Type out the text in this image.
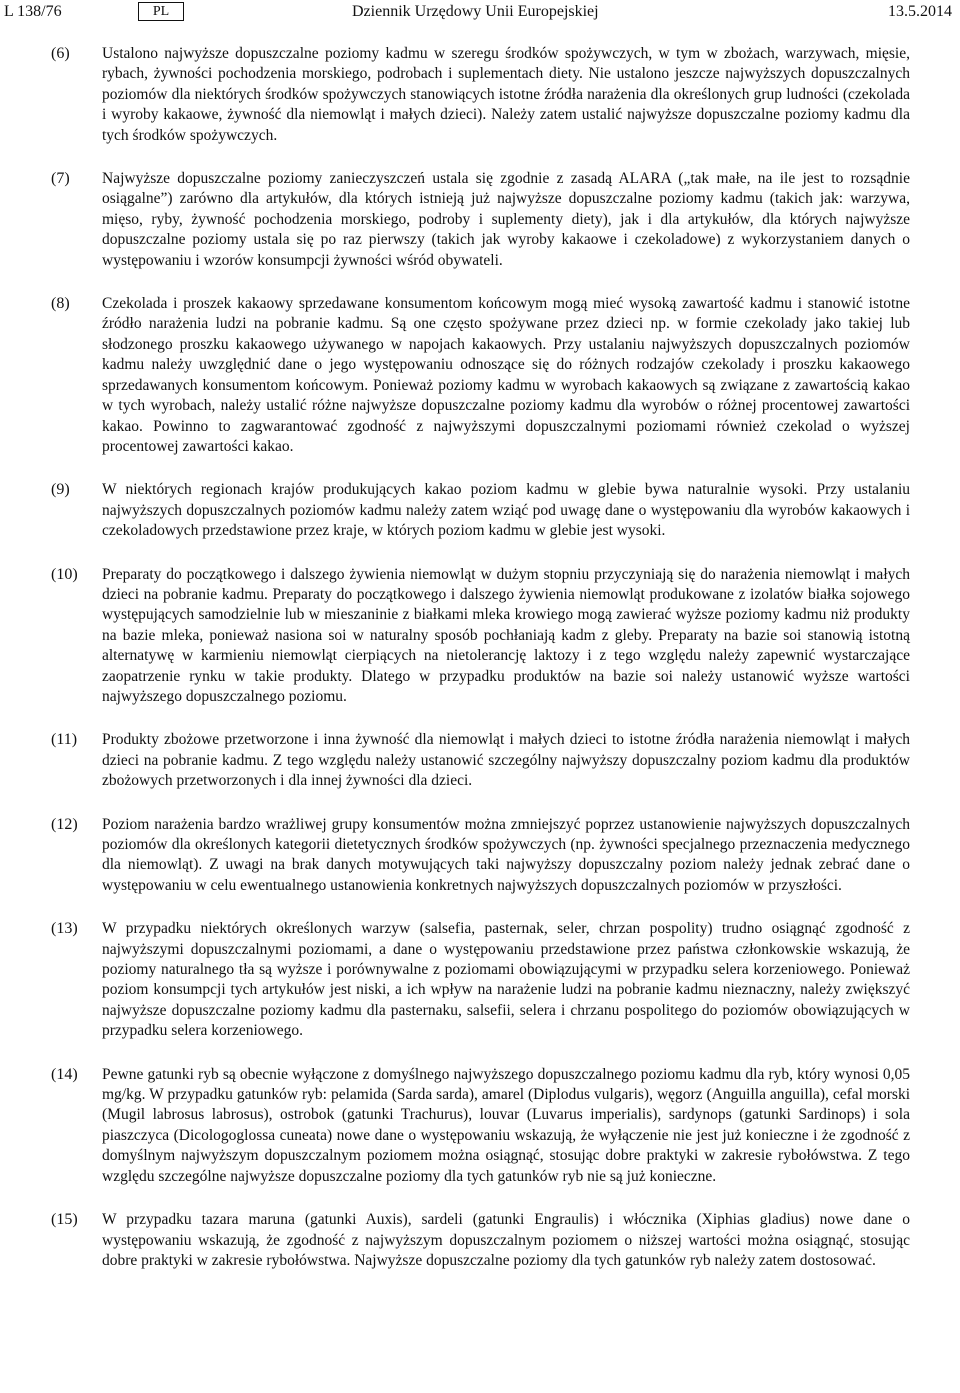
L 138/76	PL	Dziennik Urzędowy Unii Europejskiej	13.5.2014
(6) Ustalono najwyższe dopuszczalne poziomy kadmu w szeregu środków spożywczych, w tym w zbożach, warzywach, mięsie, rybach, żywności pochodzenia morskiego, podrobach i suplementach diety. Nie ustalono jeszcze najwyższych dopuszczalnych poziomów dla niektórych środków spożywczych stanowiących istotne źródła narażenia dla określonych grup ludności (czekolada i wyroby kakaowe, żywność dla niemowląt i małych dzieci). Należy zatem ustalić najwyższe dopuszczalne poziomy kadmu dla tych środków spożywczych.

(7) Najwyższe dopuszczalne poziomy zanieczyszczeń ustala się zgodnie z zasadą ALARA („tak małe, na ile jest to rozsądnie osiągalne”) zarówno dla artykułów, dla których istnieją już najwyższe dopuszczalne poziomy kadmu (takich jak: warzywa, mięso, ryby, żywność pochodzenia morskiego, podroby i suplementy diety), jak i dla artykułów, dla których najwyższe dopuszczalne poziomy ustala się po raz pierwszy (takich jak wyroby kakaowe i czekoladowe) z wykorzystaniem danych o występowaniu i wzorów konsumpcji żywności wśród obywateli.

(8) Czekolada i proszek kakaowy sprzedawane konsumentom końcowym mogą mieć wysoką zawartość kadmu i stanowić istotne źródło narażenia ludzi na pobranie kadmu. Są one często spożywane przez dzieci np. w formie czekolady jako takiej lub słodzonego proszku kakaowego używanego w napojach kakaowych. Przy ustalaniu najwyższych dopuszczalnych poziomów kadmu należy uwzględnić dane o jego występowaniu odnoszące się do różnych rodzajów czekolady i proszku kakaowego sprzedawanych konsumentom końcowym. Ponieważ poziomy kadmu w wyrobach kakaowych są związane z zawartością kakao w tych wyrobach, należy ustalić różne najwyższe dopuszczalne poziomy kadmu dla wyrobów o różnej procentowej zawartości kakao. Powinno to zagwarantować zgodność z najwyższymi dopuszczalnymi poziomami również czekolad o wyższej procentowej zawartości kakao.

(9) W niektórych regionach krajów produkujących kakao poziom kadmu w glebie bywa naturalnie wysoki. Przy ustalaniu najwyższych dopuszczalnych poziomów kadmu należy zatem wziąć pod uwagę dane o występowaniu dla wyrobów kakaowych i czekoladowych przedstawione przez kraje, w których poziom kadmu w glebie jest wysoki.

(10) Preparaty do początkowego i dalszego żywienia niemowląt w dużym stopniu przyczyniają się do narażenia niemowląt i małych dzieci na pobranie kadmu. Preparaty do początkowego i dalszego żywienia niemowląt produkowane z izolatów białka sojowego występujących samodzielnie lub w mieszaninie z białkami mleka krowiego mogą zawierać wyższe poziomy kadmu niż produkty na bazie mleka, ponieważ nasiona soi w naturalny sposób pochłaniają kadm z gleby. Preparaty na bazie soi stanowią istotną alternatywę w karmieniu niemowląt cierpiących na nietolerancję laktozy i z tego względu należy zapewnić wystarczające zaopatrzenie rynku w takie produkty. Dlatego w przypadku produktów na bazie soi należy ustanowić wyższe wartości najwyższego dopuszczalnego poziomu.

(11) Produkty zbożowe przetworzone i inna żywność dla niemowląt i małych dzieci to istotne źródła narażenia niemowląt i małych dzieci na pobranie kadmu. Z tego względu należy ustanowić szczególny najwyższy dopuszczalny poziom kadmu dla produktów zbożowych przetworzonych i dla innej żywności dla dzieci.

(12) Poziom narażenia bardzo wrażliwej grupy konsumentów można zmniejszyć poprzez ustanowienie najwyższych dopuszczalnych poziomów dla określonych kategorii dietetycznych środków spożywczych (np. żywności specjalnego przeznaczenia medycznego dla niemowląt). Z uwagi na brak danych motywujących taki najwyższy dopuszczalny poziom należy jednak zebrać dane o występowaniu w celu ewentualnego ustanowienia konkretnych najwyższych dopuszczalnych poziomów w przyszłości.

(13) W przypadku niektórych określonych warzyw (salsefia, pasternak, seler, chrzan pospolity) trudno osiągnąć zgodność z najwyższymi dopuszczalnymi poziomami, a dane o występowaniu przedstawione przez państwa członkowskie wskazują, że poziomy naturalnego tła są wyższe i porównywalne z poziomami obowiązującymi w przypadku selera korzeniowego. Ponieważ poziom konsumpcji tych artykułów jest niski, a ich wpływ na narażenie ludzi na pobranie kadmu nieznaczny, należy zwiększyć najwyższe dopuszczalne poziomy kadmu dla pasternaku, salsefii, selera i chrzanu pospolitego do poziomów obowiązujących w przypadku selera korzeniowego.

(14) Pewne gatunki ryb są obecnie wyłączone z domyślnego najwyższego dopuszczalnego poziomu kadmu dla ryb, który wynosi 0,05 mg/kg. W przypadku gatunków ryb: pelamida (Sarda sarda), amarel (Diplodus vulgaris), węgorz (Anguilla anguilla), cefal morski (Mugil labrosus labrosus), ostrobok (gatunki Trachurus), louvar (Luvarus imperialis), sardynops (gatunki Sardinops) i sola piaszczyca (Dicologoglossa cuneata) nowe dane o występowaniu wskazują, że wyłączenie nie jest już konieczne i że zgodność z domyślnym najwyższym dopuszczalnym poziomem można osiągnąć, stosując dobre praktyki w zakresie rybołówstwa. Z tego względu szczególne najwyższe dopuszczalne poziomy dla tych gatunków ryb nie są już konieczne.

(15) W przypadku tazara maruna (gatunki Auxis), sardeli (gatunki Engraulis) i włócznika (Xiphias gladius) nowe dane o występowaniu wskazują, że zgodność z najwyższym dopuszczalnym poziomem o niższej wartości można osiągnąć, stosując dobre praktyki w zakresie rybołówstwa. Najwyższe dopuszczalne poziomy dla tych gatunków ryb należy zatem dostosować.
